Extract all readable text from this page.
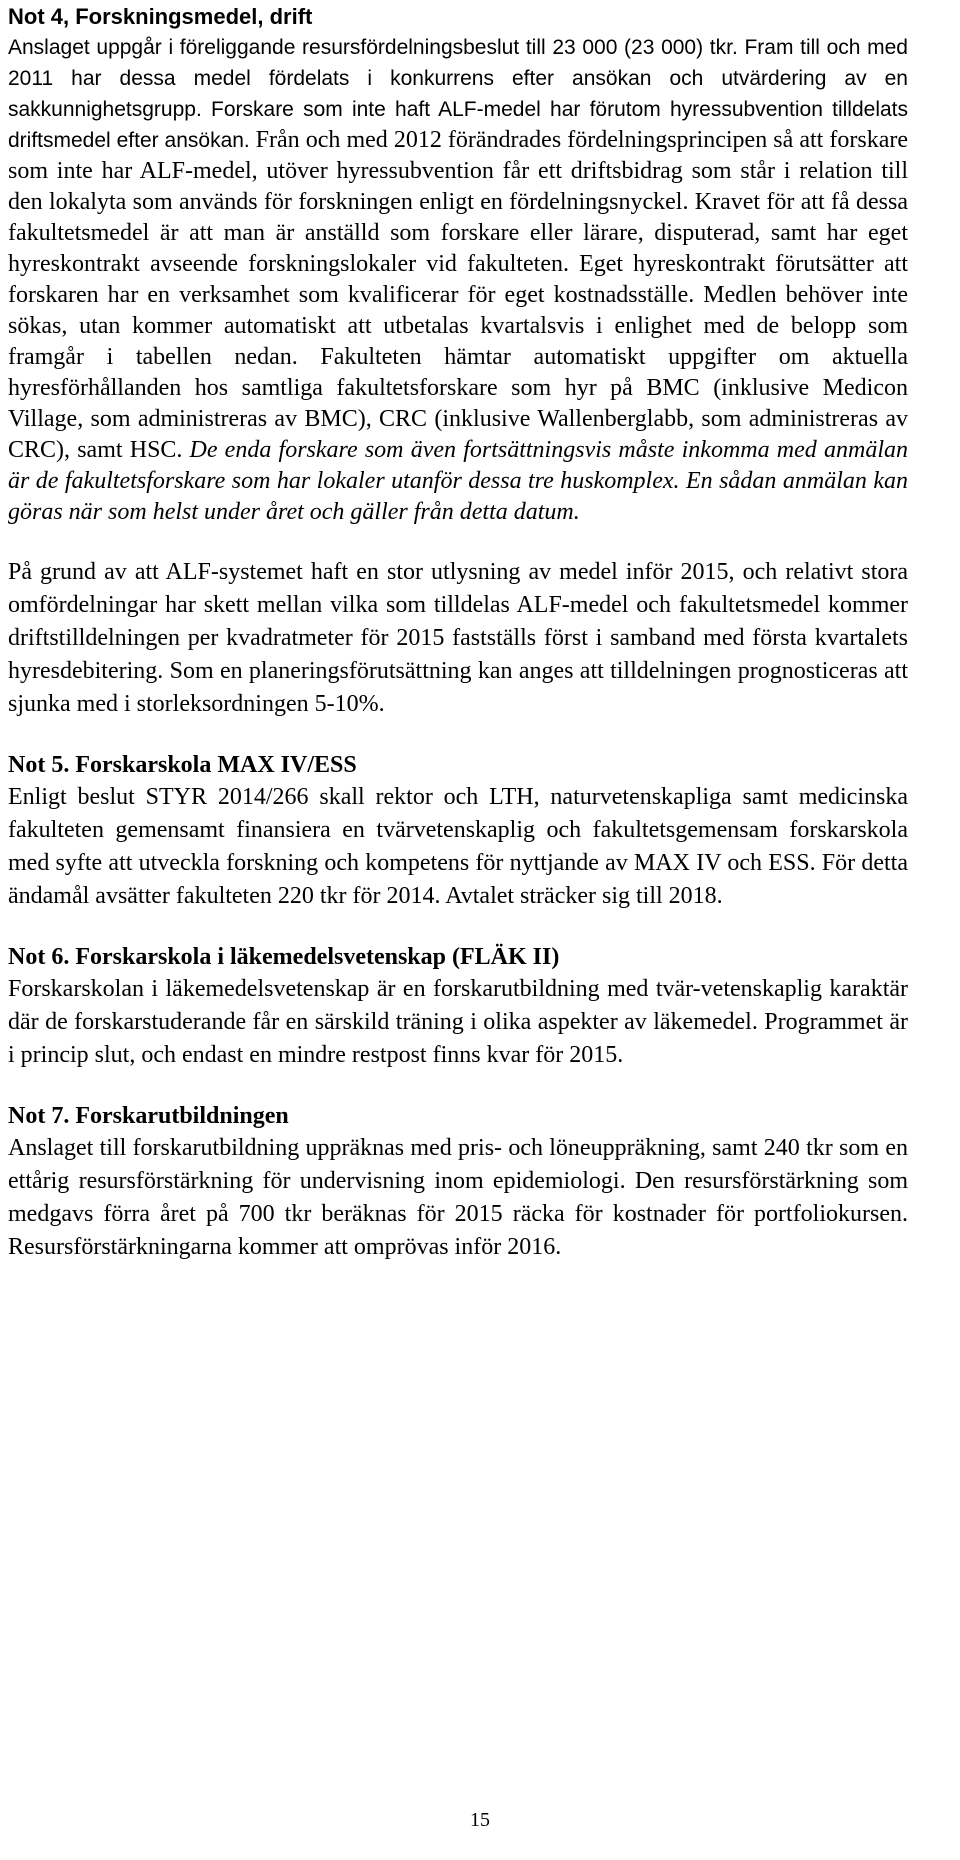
Not 4, Forskningsmedel, drift

Anslaget uppgår i föreliggande resursfördelningsbeslut till 23 000 (23 000) tkr. Fram till och med 2011 har dessa medel fördelats i konkurrens efter ansökan och utvärdering av en sakkunnighetsgrupp. Forskare som inte haft ALF-medel har förutom hyressubvention tilldelats driftsmedel efter ansökan. Från och med 2012 förändrades fördelningsprincipen så att forskare som inte har ALF-medel, utöver hyressubvention får ett driftsbidrag som står i relation till den lokalyta som används för forskningen enligt en fördelningsnyckel. Kravet för att få dessa fakultetsmedel är att man är anställd som forskare eller lärare, disputerad, samt har eget hyreskontrakt avseende forskningslokaler vid fakulteten. Eget hyreskontrakt förutsätter att forskaren har en verksamhet som kvalificerar för eget kostnadsställe. Medlen behöver inte sökas, utan kommer automatiskt att utbetalas kvartalsvis i enlighet med de belopp som framgår i tabellen nedan. Fakulteten hämtar automatiskt uppgifter om aktuella hyresförhållanden hos samtliga fakultetsforskare som hyr på BMC (inklusive Medicon Village, som administreras av BMC), CRC (inklusive Wallenberglabb, som administreras av CRC), samt HSC. De enda forskare som även fortsättningsvis måste inkomma med anmälan är de fakultetsforskare som har lokaler utanför dessa tre huskomplex. En sådan anmälan kan göras när som helst under året och gäller från detta datum.

På grund av att ALF-systemet haft en stor utlysning av medel inför 2015, och relativt stora omfördelningar har skett mellan vilka som tilldelas ALF-medel och fakultetsmedel kommer driftstilldelningen per kvadratmeter för 2015 fastställs först i samband med första kvartalets hyresdebitering. Som en planeringsförutsättning kan anges att tilldelningen prognosticeras att sjunka med i storleksordningen 5-10%.

Not 5. Forskarskola MAX IV/ESS

Enligt beslut STYR 2014/266 skall rektor och LTH, naturvetenskapliga samt medicinska fakulteten gemensamt finansiera en tvärvetenskaplig och fakultetsgemensam forskarskola med syfte att utveckla forskning och kompetens för nyttjande av MAX IV och ESS. För detta ändamål avsätter fakulteten 220 tkr för 2014. Avtalet sträcker sig till 2018.

Not 6. Forskarskola i läkemedelsvetenskap (FLÄK II)

Forskarskolan i läkemedelsvetenskap är en forskarutbildning med tvär-vetenskaplig karaktär där de forskarstuderande får en särskild träning i olika aspekter av läkemedel. Programmet är i princip slut, och endast en mindre restpost finns kvar för 2015.

Not 7. Forskarutbildningen

Anslaget till forskarutbildning uppräknas med pris- och löneuppräkning, samt 240 tkr som en ettårig resursförstärkning för undervisning inom epidemiologi. Den resursförstärkning som medgavs förra året på 700 tkr beräknas för 2015 räcka för kostnader för portfoliokursen. Resursförstärkningarna kommer att omprövas inför 2016.

15
